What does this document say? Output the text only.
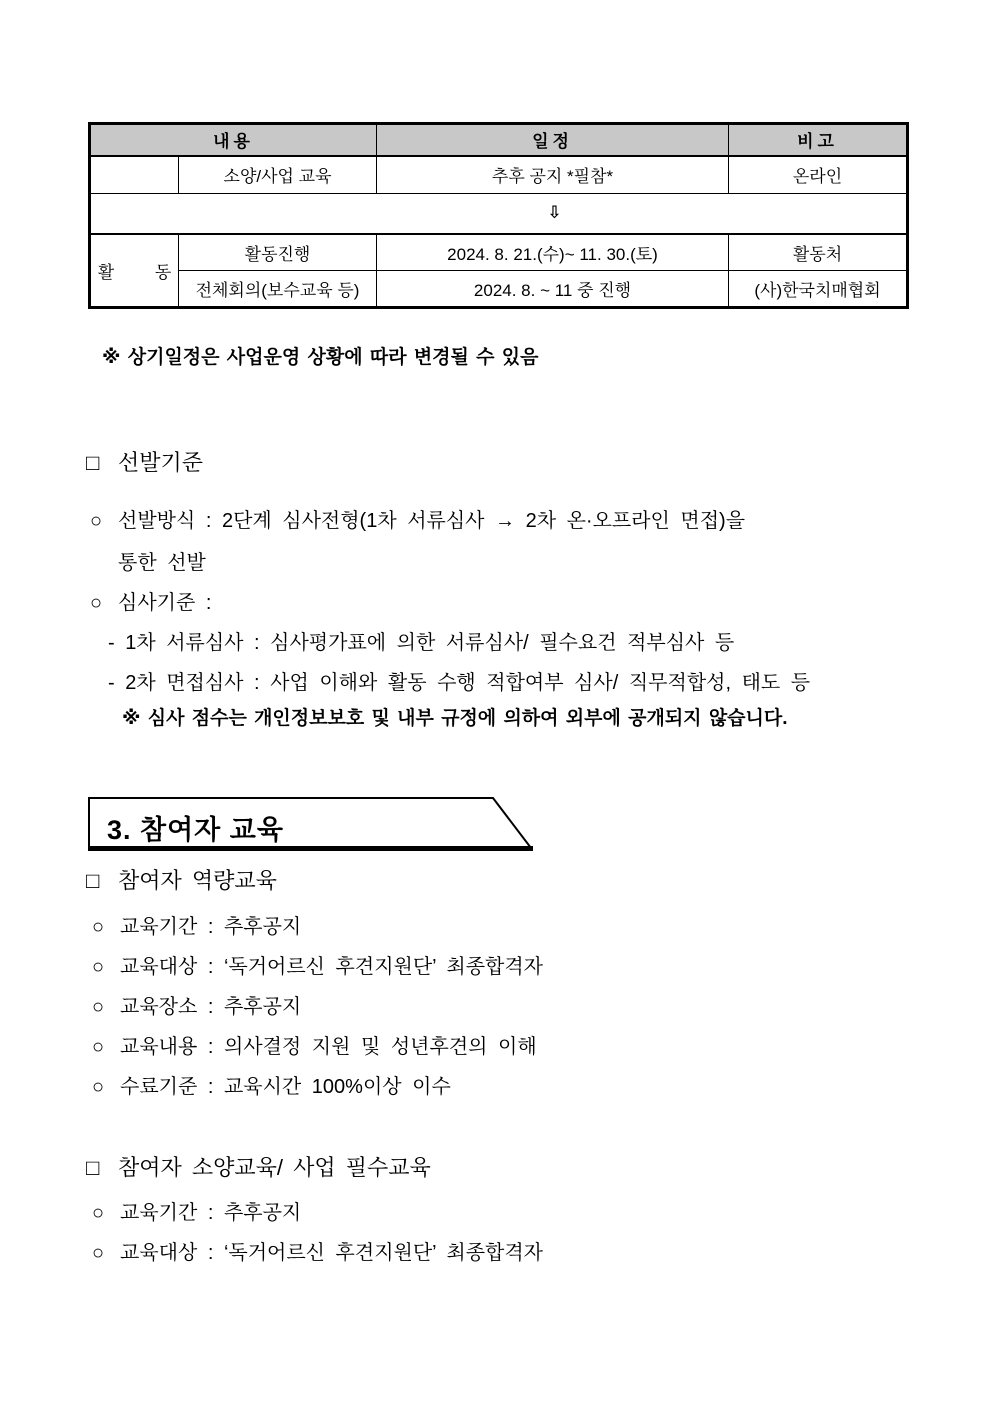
내용		일정	비고
	소양/사업 교육	추후 공지 *필참*	온라인
⇩			
활 동	활동진행	2024. 8. 21.(수)~ 11. 30.(토)	활동처
	전체회의(보수교육 등)	2024. 8. ~ 11 중 진행	(사)한국치매협회
※ 상기일정은 사업운영 상황에 따라 변경될 수 있음
□ 선발기준
○ 선발방식 : 2단계 심사전형(1차 서류심사 → 2차 온·오프라인 면접)을
통한 선발
○ 심사기준 :
- 1차 서류심사 : 심사평가표에 의한 서류심사/ 필수요건 적부심사 등
- 2차 면접심사 : 사업 이해와 활동 수행 적합여부 심사/ 직무적합성, 태도 등
※ 심사 점수는 개인정보보호 및 내부 규정에 의하여 외부에 공개되지 않습니다.
3. 참여자 교육
□ 참여자 역량교육
○ 교육기간 : 추후공지
○ 교육대상 : ‘독거어르신 후견지원단’ 최종합격자
○ 교육장소 : 추후공지
○ 교육내용 : 의사결정 지원 및 성년후견의 이해
○ 수료기준 : 교육시간 100%이상 이수
□ 참여자 소양교육/ 사업 필수교육
○ 교육기간 : 추후공지
○ 교육대상 : ‘독거어르신 후견지원단’ 최종합격자
